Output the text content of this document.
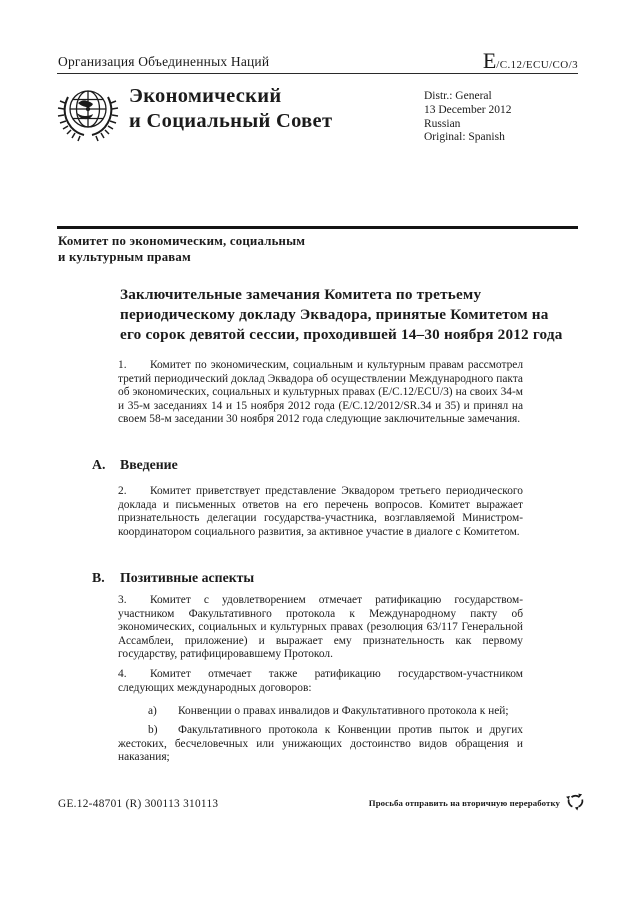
Организация Объединенных Наций	E/C.12/ECU/CO/3
Экономический
и Социальный Совет
Distr.: General
13 December 2012
Russian
Original: Spanish
Комитет по экономическим, социальным
и культурным правам
Заключительные замечания Комитета по третьему периодическому докладу Эквадора, принятые Комитетом на его сорок девятой сессии, проходившей 14–30 ноября 2012 года
1. Комитет по экономическим, социальным и культурным правам рассмотрел третий периодический доклад Эквадора об осуществлении Международного пакта об экономических, социальных и культурных правах (E/C.12/ECU/3) на своих 34-м и 35-м заседаниях 14 и 15 ноября 2012 года (E/C.12/2012/SR.34 и 35) и принял на своем 58-м заседании 30 ноября 2012 года следующие заключительные замечания.
A.	Введение
2. Комитет приветствует представление Эквадором третьего периодического доклада и письменных ответов на его перечень вопросов. Комитет выражает признательность делегации государства-участника, возглавляемой Министром-координатором социального развития, за активное участие в диалоге с Комитетом.
B.	Позитивные аспекты
3. Комитет с удовлетворением отмечает ратификацию государством-участником Факультативного протокола к Международному пакту об экономических, социальных и культурных правах (резолюция 63/117 Генеральной Ассамблеи, приложение) и выражает ему признательность как первому государству, ратифицировавшему Протокол.
4. Комитет отмечает также ратификацию государством-участником следующих международных договоров:
а) Конвенции о правах инвалидов и Факультативного протокола к ней;
b) Факультативного протокола к Конвенции против пыток и других жестоких, бесчеловечных или унижающих достоинство видов обращения и наказания;
GE.12-48701 (R) 300113 310113	Просьба отправить на вторичную переработку
